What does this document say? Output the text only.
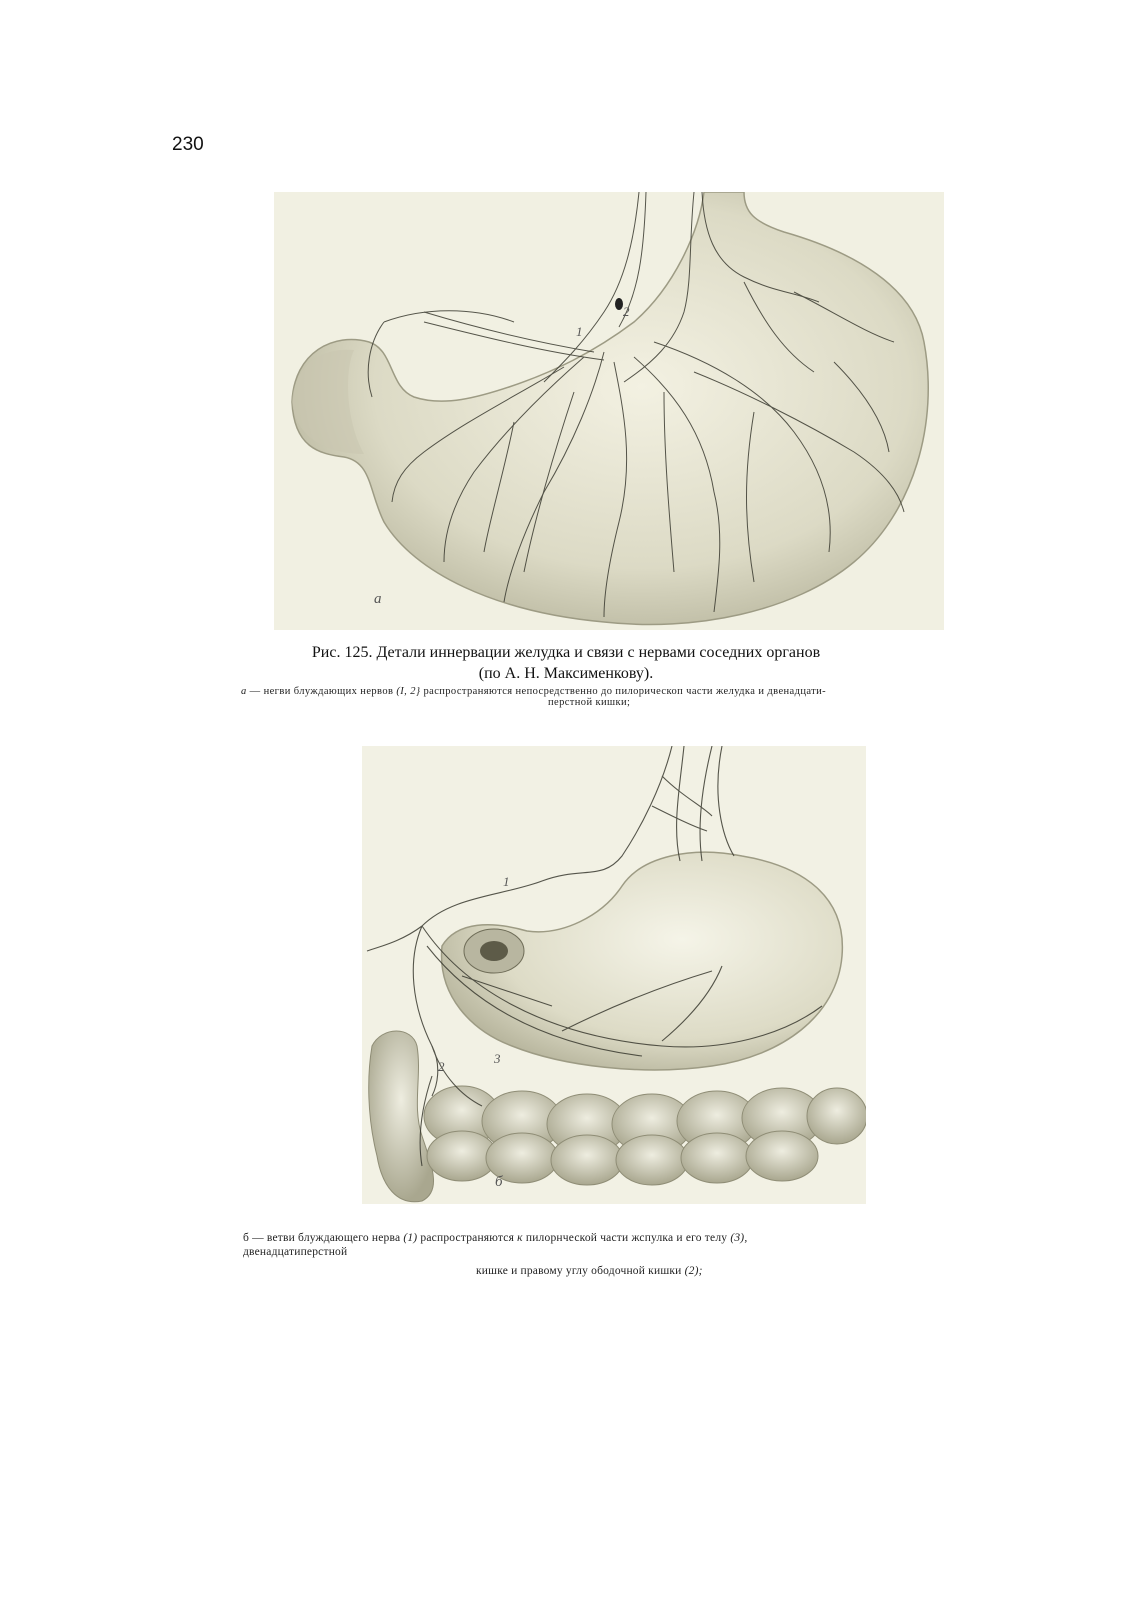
230
1
2
а
Рис. 125. Детали иннервации желудка и связи с нервами соседних органов
(по А. Н. Максименкову).
а — негви блуждающих нервов (I, 2} распространяются непосредственно до пилорическоп части желудка и двенадцати-
перстной кишки;
1
2
3
б
б — ветви блуждающего нерва (1) распространяются к пилорнческой части жспулка и его телу (3),
двенадцатиперстной
кишке и правому углу ободочной кишки (2);
